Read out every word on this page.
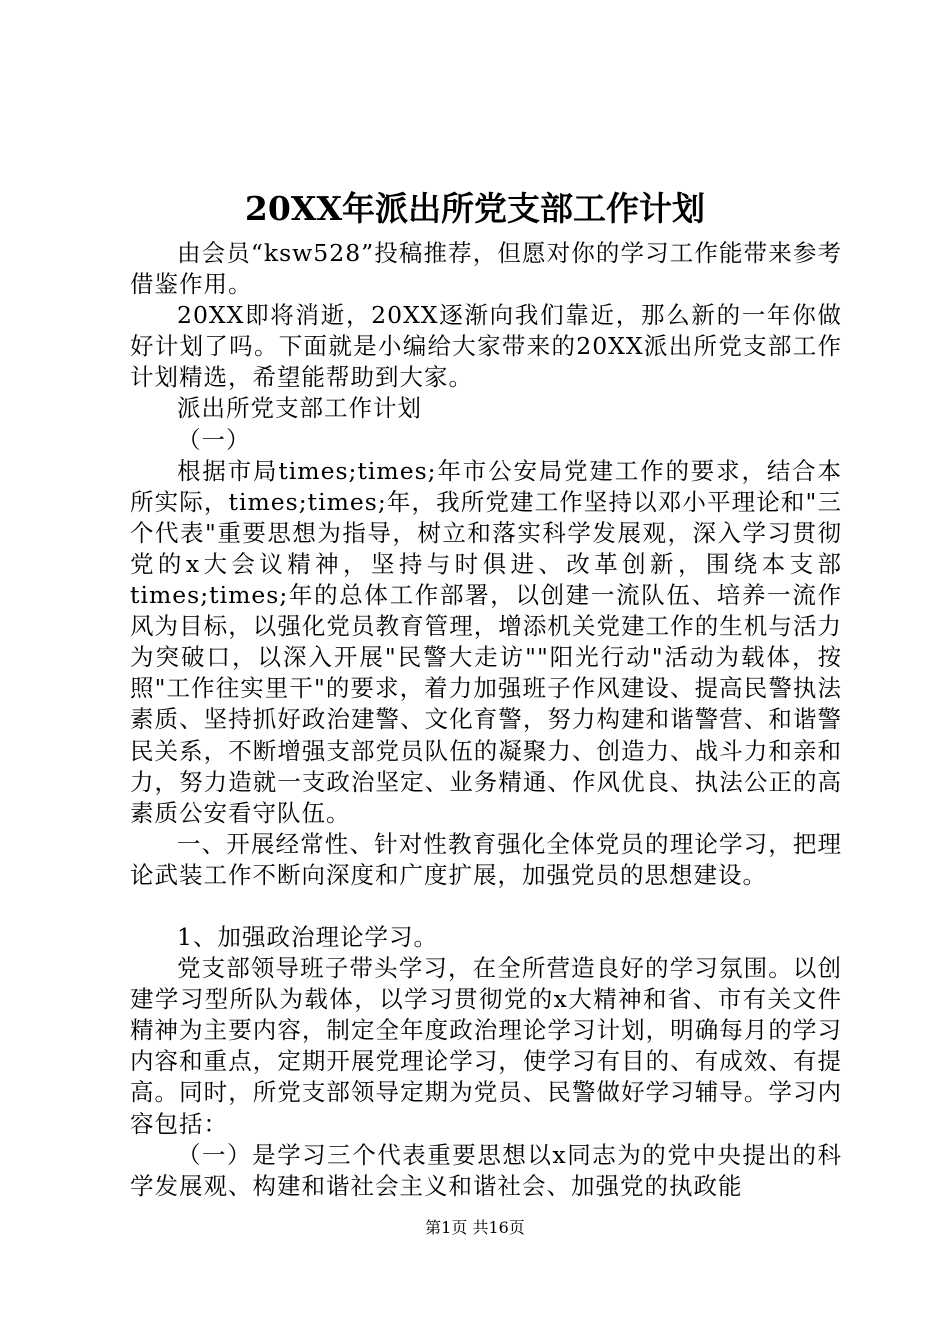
20XX年派出所党支部工作计划

由会员“ksw528”投稿推荐，但愿对你的学习工作能带来参考借鉴作用。

20XX即将消逝，20XX逐渐向我们靠近，那么新的一年你做好计划了吗。下面就是小编给大家带来的20XX派出所党支部工作计划精选，希望能帮助到大家。

派出所党支部工作计划

（一）

根据市局times;times;年市公安局党建工作的要求，结合本所实际，times;times;年，我所党建工作坚持以邓小平理论和"三个代表"重要思想为指导，树立和落实科学发展观，深入学习贯彻党的x大会议精神，坚持与时俱进、改革创新，围绕本支部times;times;年的总体工作部署，以创建一流队伍、培养一流作风为目标，以强化党员教育管理，增添机关党建工作的生机与活力为突破口，以深入开展"民警大走访""阳光行动"活动为载体，按照"工作往实里干"的要求，着力加强班子作风建设、提高民警执法素质、坚持抓好政治建警、文化育警，努力构建和谐警营、和谐警民关系，不断增强支部党员队伍的凝聚力、创造力、战斗力和亲和力，努力造就一支政治坚定、业务精通、作风优良、执法公正的高素质公安看守队伍。

一、开展经常性、针对性教育强化全体党员的理论学习，把理论武装工作不断向深度和广度扩展，加强党员的思想建设。

1、加强政治理论学习。

党支部领导班子带头学习，在全所营造良好的学习氛围。以创建学习型所队为载体，以学习贯彻党的x大精神和省、市有关文件精神为主要内容，制定全年度政治理论学习计划，明确每月的学习内容和重点，定期开展党理论学习，使学习有目的、有成效、有提高。同时，所党支部领导定期为党员、民警做好学习辅导。学习内容包括：

（一）是学习三个代表重要思想以x同志为的党中央提出的科学发展观、构建和谐社会主义和谐社会、加强党的执政能

第1页 共16页
